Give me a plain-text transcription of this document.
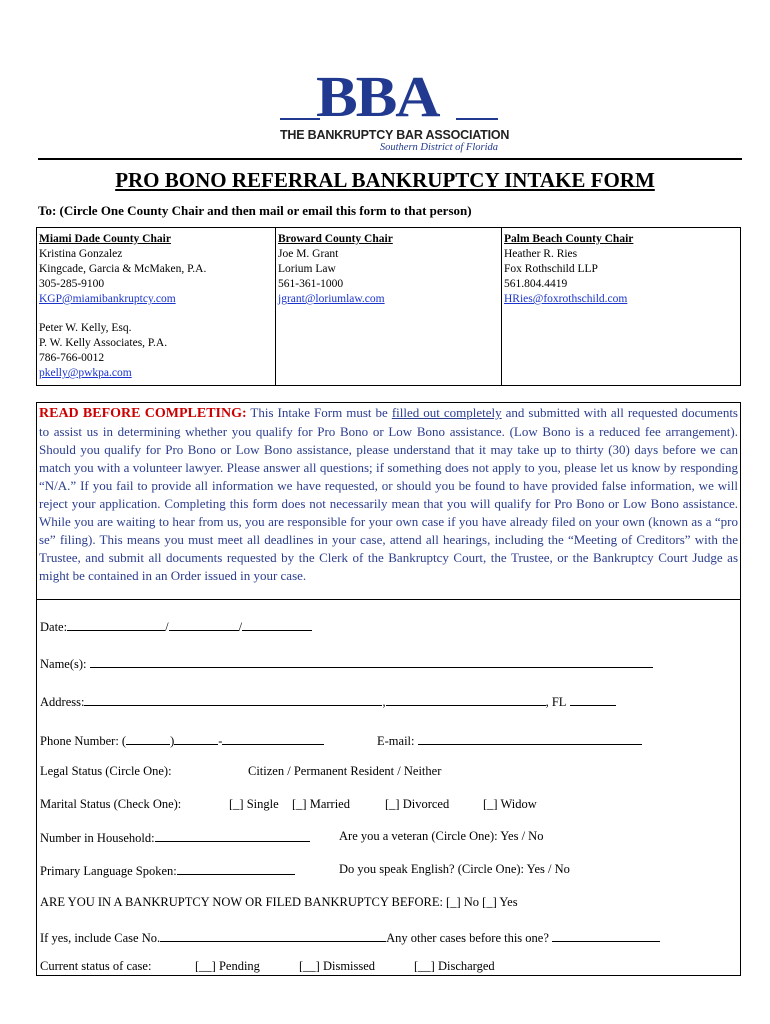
BBA
THE BANKRUPTCY BAR ASSOCIATION
Southern District of Florida
PRO BONO REFERRAL BANKRUPTCY INTAKE FORM
To: (Circle One County Chair and then mail or email this form to that person)
Miami Dade County Chair
Kristina Gonzalez
Kingcade, Garcia & McMaken, P.A.
305-285-9100
KGP@miamibankruptcy.com
Peter W. Kelly, Esq.
P. W. Kelly Associates, P.A.
786-766-0012
pkelly@pwkpa.com
Broward County Chair
Joe M. Grant
Lorium Law
561-361-1000
jgrant@loriumlaw.com
Palm Beach County Chair
Heather R. Ries
Fox Rothschild LLP
561.804.4419
HRies@foxrothschild.com
READ BEFORE COMPLETING: This Intake Form must be filled out completely and submitted with all requested documents to assist us in determining whether you qualify for Pro Bono or Low Bono assistance. (Low Bono is a reduced fee arrangement). Should you qualify for Pro Bono or Low Bono assistance, please understand that it may take up to thirty (30) days before we can match you with a volunteer lawyer. Please answer all questions; if something does not apply to you, please let us know by responding “N/A.” If you fail to provide all information we have requested, or should you be found to have provided false information, we will reject your application. Completing this form does not necessarily mean that you will qualify for Pro Bono or Low Bono assistance. While you are waiting to hear from us, you are responsible for your own case if you have already filed on your own (known as a “pro se” filing). This means you must meet all deadlines in your case, attend all hearings, including the “Meeting of Creditors” with the Trustee, and submit all documents requested by the Clerk of the Bankruptcy Court, the Trustee, or the Bankruptcy Court Judge as might be contained in an Order issued in your case.
Date:	/	/
Name(s):
Address:	,	, FL
Phone Number: (	)	-	E-mail:
Legal Status (Circle One):	Citizen / Permanent Resident / Neither
Marital Status (Check One):	[_] Single [_] Married	[_] Divorced	[_] Widow
Number in Household:	Are you a veteran (Circle One): Yes / No
Primary Language Spoken:	Do you speak English? (Circle One): Yes / No
ARE YOU IN A BANKRUPTCY NOW OR FILED BANKRUPTCY BEFORE: [_] No [_] Yes
If yes, include Case No.	Any other cases before this one?
Current status of case:	[__] Pending	[__] Dismissed	[__] Discharged
